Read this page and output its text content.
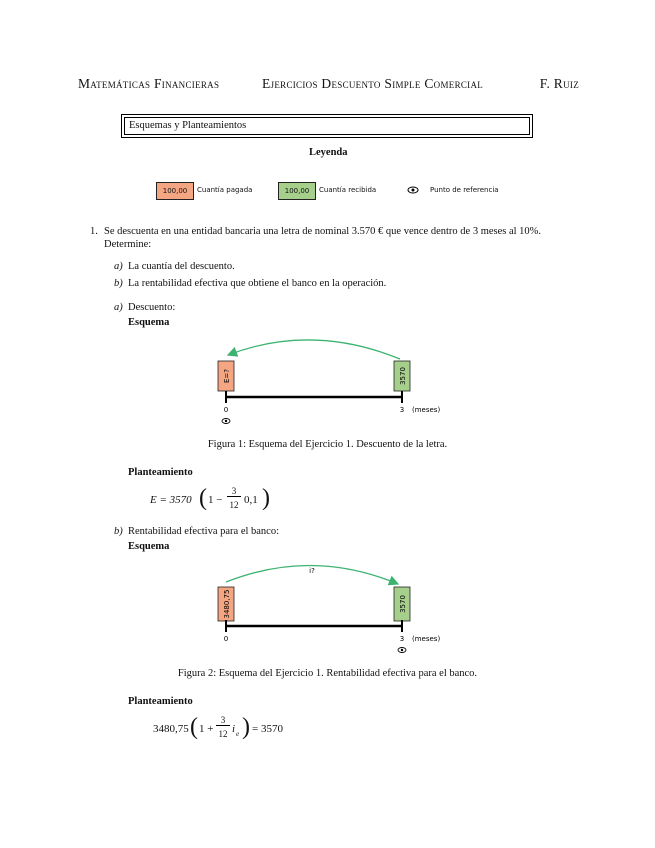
Matemáticas Financieras	Ejercicios Descuento Simple Comercial	F. Ruiz
Esquemas y Planteamientos
Leyenda
100,00	Cuantía pagada	100,00	Cuantía recibida	Punto de referencia
1. Se descuenta en una entidad bancaria una letra de nominal 3.570 € que vence dentro de 3 meses al 10%.
Determine:
a) La cuantía del descuento.
b) La rentabilidad efectiva que obtiene el banco en la operación.
a) Descuento:
Esquema
E=?	3570
0	3 (meses)
Figura 1: Esquema del Ejercicio 1. Descuento de la letra.
Planteamiento
E = 3570 ( 1 −
3
12 0,1 )
b) Rentabilidad efectiva para el banco:
Esquema
i?
3480,75	3570
0	3 (meses)
Figura 2: Esquema del Ejercicio 1. Rentabilidad efectiva para el banco.
Planteamiento
3480,75 ( 1 +
3
12 i e ) = 3570
